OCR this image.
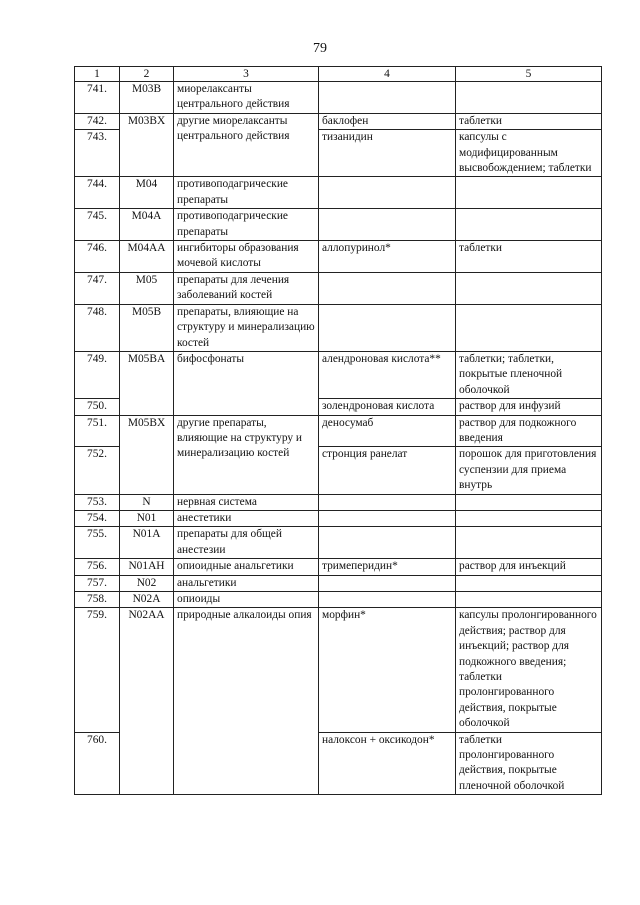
79
1	2	3	4	5
741.	M03B	миорелаксанты центрального действия		
742.	M03BX	другие миорелаксанты центрального действия	баклофен	таблетки
743.			тизанидин	капсулы с модифицированным высвобождением; таблетки
744.	M04	противоподагрические препараты		
745.	M04A	противоподагрические препараты		
746.	M04AA	ингибиторы образования мочевой кислоты	аллопуринол*	таблетки
747.	M05	препараты для лечения заболеваний костей		
748.	M05B	препараты, влияющие на структуру и минерализацию костей		
749.	M05BA	бифосфонаты	алендроновая кислота**	таблетки; таблетки, покрытые пленочной оболочкой
750.			золендроновая кислота	раствор для инфузий
751.	M05BX	другие препараты, влияющие на структуру и минерализацию костей	деносумаб	раствор для подкожного введения
752.			стронция ранелат	порошок для приготовления суспензии для приема внутрь
753.	N	нервная система		
754.	N01	анестетики		
755.	N01A	препараты для общей анестезии		
756.	N01AH	опиоидные анальгетики	тримеперидин*	раствор для инъекций
757.	N02	анальгетики		
758.	N02A	опиоиды		
759.	N02AA	природные алкалоиды опия	морфин*	капсулы пролонгированного действия; раствор для инъекций; раствор для подкожного введения; таблетки пролонгированного действия, покрытые оболочкой
760.			налоксон + оксикодон*	таблетки пролонгированного действия, покрытые пленочной оболочкой
